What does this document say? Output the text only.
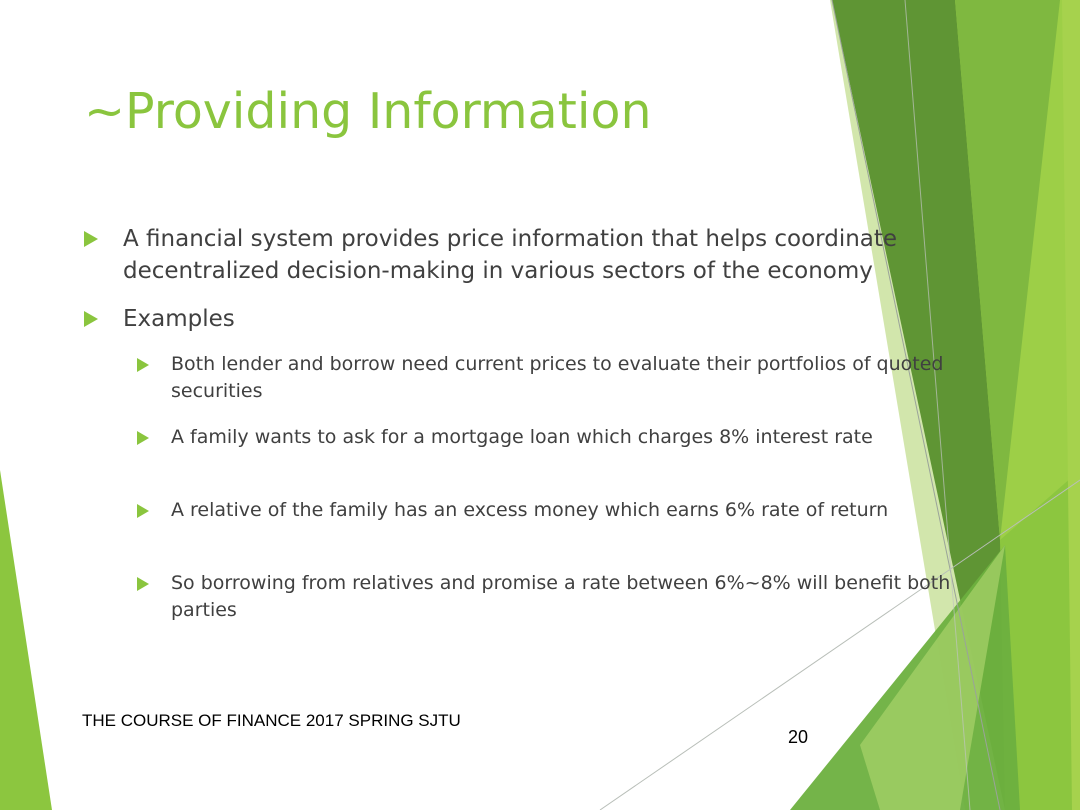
~Providing Information
A financial system provides price information that helps coordinate decentralized decision-making in various sectors of the economy
Examples
Both lender and borrow need current prices to evaluate their portfolios of quoted securities
A family wants to ask for a mortgage loan which charges 8% interest rate
A relative of the family has an excess money which earns 6% rate of return
So borrowing from relatives and promise a rate between 6%~8% will benefit both parties
THE COURSE OF FINANCE 2017 SPRING SJTU
20
